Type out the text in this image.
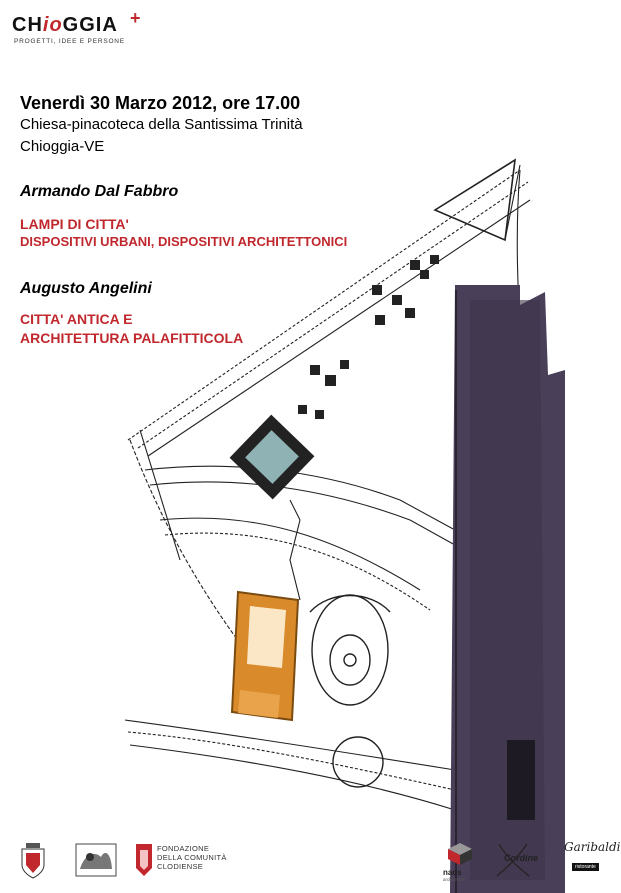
CHioGGIA +
PROGETTI, IDEE E PERSONE
Venerdì 30 Marzo 2012, ore 17.00
Chiesa-pinacoteca della Santissima Trinità
Chioggia-VE
Armando Dal Fabbro
LAMPI DI CITTA'
DISPOSITIVI URBANI, DISPOSITIVI ARCHITETTONICI
Augusto Angelini
CITTA' ANTICA E
ARCHITETTURA PALAFITTICOLA
FONDAZIONE
DELLA COMUNITÀ
CLODIENSE
naos
architetture
Cordine
Garibaldi
ristorante
